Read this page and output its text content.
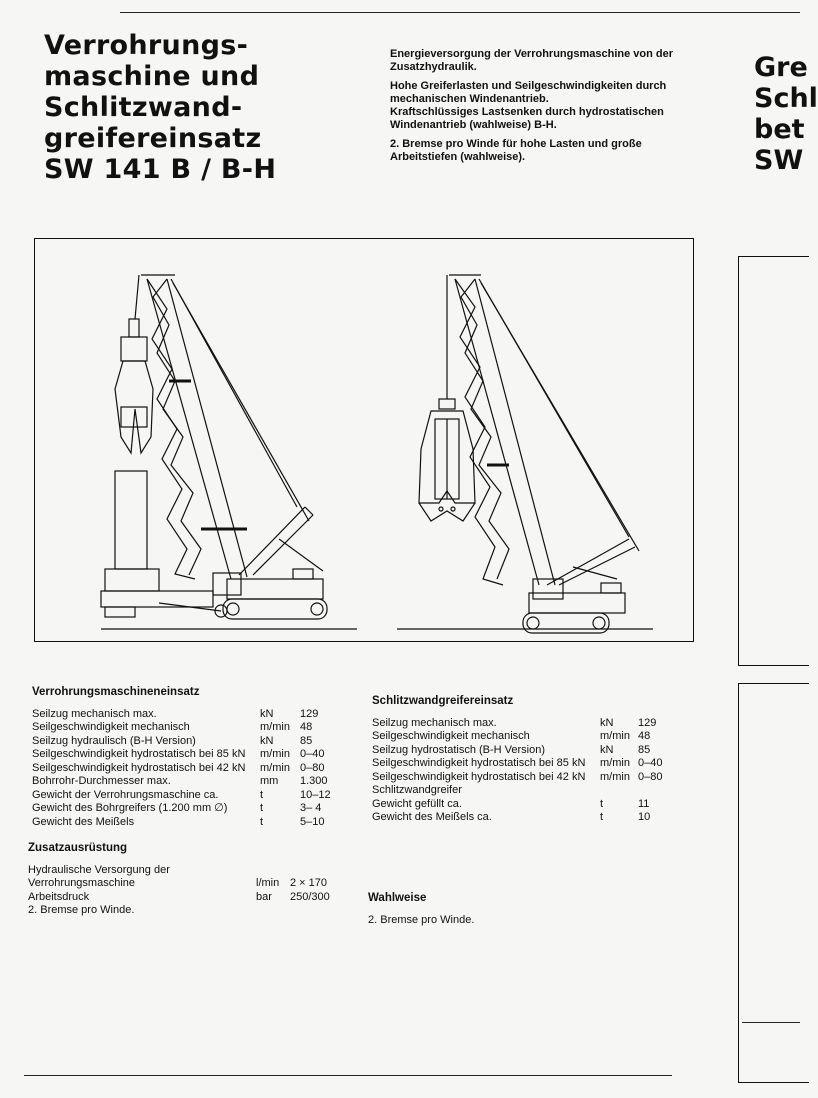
Verrohrungs-
maschine und
Schlitzwand-
greifereinsatz
SW 141 B / B-H

Energieversorgung der Verrohrungsmaschine von der Zusatzhydraulik.

Hohe Greiferlasten und Seilgeschwindigkeiten durch mechanischen Windenantrieb.

Kraftschlüssiges Lastsenken durch hydrostatischen Windenantrieb (wahlweise) B-H.

2. Bremse pro Winde für hohe Lasten und große Arbeitstiefen (wahlweise).

Gre
Schl
bet
SW
Verrohrungsmaschineneinsatz
Seilzug mechanisch max.	kN	129
Seilgeschwindigkeit mechanisch	m/min 48
Seilzug hydraulisch (B-H Version)	kN	85
Seilgeschwindigkeit hydrostatisch bei 85 kN	m/min 0–40
Seilgeschwindigkeit hydrostatisch bei 42 kN	m/min 0–80
Bohrrohr-Durchmesser max.	mm	1.300
Gewicht der Verrohrungsmaschine ca.	t	10–12
Gewicht des Bohrgreifers (1.200 mm ∅)	t	3– 4
Gewicht des Meißels	t	5–10
Zusatzausrüstung
Hydraulische Versorgung der
Verrohrungsmaschine	l/min 2 × 170
Arbeitsdruck	bar	250/300
2. Bremse pro Winde.
Schlitzwandgreifereinsatz
Seilzug mechanisch max.	kN	129
Seilgeschwindigkeit mechanisch	m/min 48
Seilzug hydrostatisch (B-H Version)	kN	85
Seilgeschwindigkeit hydrostatisch bei 85 kN	m/min 0–40
Seilgeschwindigkeit hydrostatisch bei 42 kN	m/min 0–80
Schlitzwandgreifer
Gewicht gefüllt ca.	t	11
Gewicht des Meißels ca.	t	10
Wahlweise
2. Bremse pro Winde.
